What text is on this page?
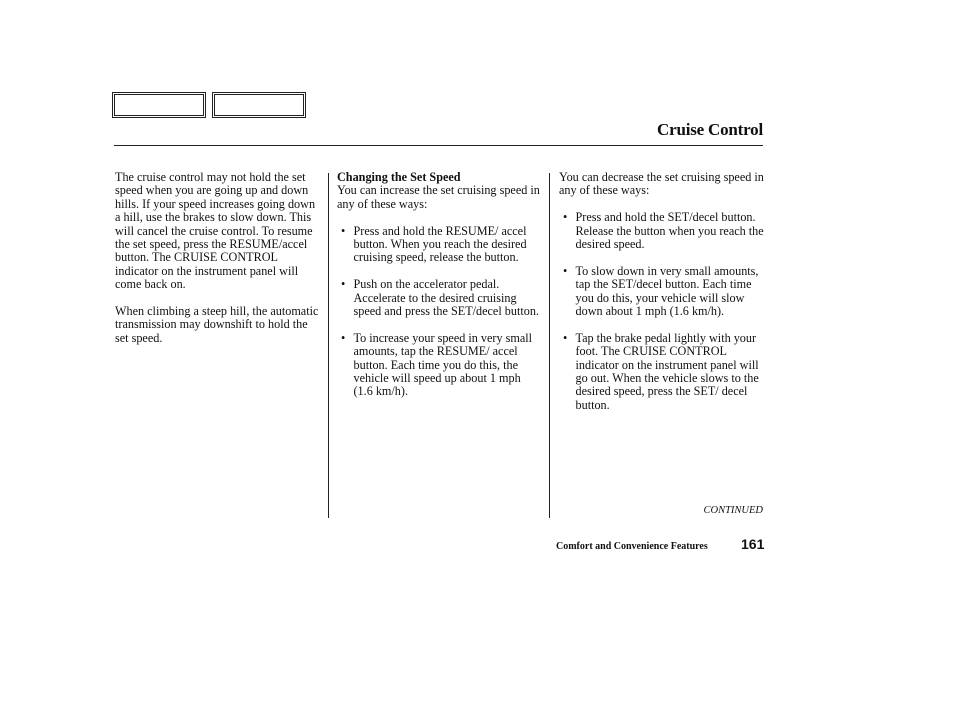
Cruise Control

The cruise control may not hold the set speed when you are going up and down hills. If your speed increases going down a hill, use the brakes to slow down. This will cancel the cruise control. To resume the set speed, press the RESUME/accel button. The CRUISE CONTROL indicator on the instrument panel will come back on.

When climbing a steep hill, the automatic transmission may downshift to hold the set speed.

Changing the Set Speed

You can increase the set cruising speed in any of these ways:

• Press and hold the RESUME/ accel button. When you reach the desired cruising speed, release the button.
• Push on the accelerator pedal. Accelerate to the desired cruising speed and press the SET/decel button.
• To increase your speed in very small amounts, tap the RESUME/ accel button. Each time you do this, the vehicle will speed up about 1 mph (1.6 km/h).

You can decrease the set cruising speed in any of these ways:

• Press and hold the SET/decel button. Release the button when you reach the desired speed.
• To slow down in very small amounts, tap the SET/decel button. Each time you do this, your vehicle will slow down about 1 mph (1.6 km/h).
• Tap the brake pedal lightly with your foot. The CRUISE CONTROL indicator on the instrument panel will go out. When the vehicle slows to the desired speed, press the SET/ decel button.
CONTINUED
Comfort and Convenience Features 161
